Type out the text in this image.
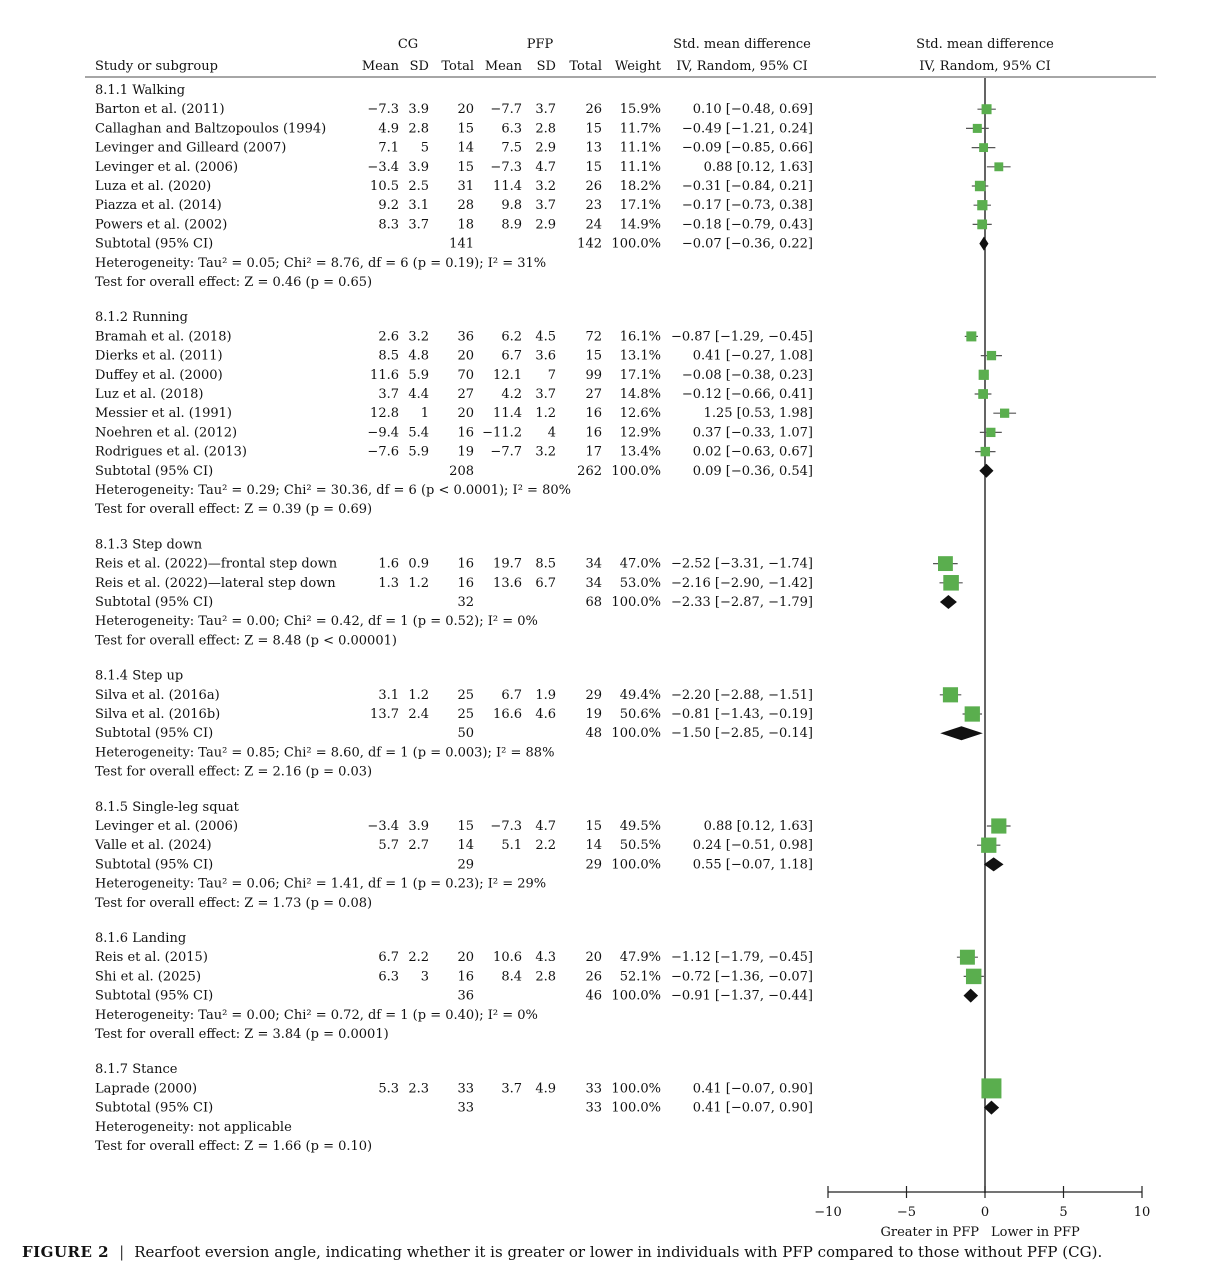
CG	PFP	Std. mean difference	Std. mean difference
Study or subgroup	Mean SD Total Mean SD Total Weight IV, Random, 95% CI	IV, Random, 95% CI
8.1.1 Walking
Barton et al. (2011)	−7.3 3.9 20 −7.7 3.7 26 15.9% 0.10 [−0.48, 0.69]
Callaghan and Baltzopoulos (1994)	4.9 2.8 15 6.3 2.8 15 11.7% −0.49 [−1.21, 0.24]
Levinger and Gilleard (2007)	7.1 5 14 7.5 2.9 13 11.1% −0.09 [−0.85, 0.66]
Levinger et al. (2006)	−3.4 3.9 15 −7.3 4.7 15 11.1%	0.88 [0.12, 1.63]
Luza et al. (2020)	10.5 2.5 31 11.4 3.2 26 18.2% −0.31 [−0.84, 0.21]
Piazza et al. (2014)	9.2 3.1 28 9.8 3.7 23 17.1% −0.17 [−0.73, 0.38]
Powers et al. (2002)	8.3 3.7 18 8.9 2.9 24 14.9% −0.18 [−0.79, 0.43]
Subtotal (95% CI)	141	142 100.0% −0.07 [−0.36, 0.22]
Heterogeneity: Tau² = 0.05; Chi² = 8.76, df = 6 (p = 0.19); I² = 31%
Test for overall effect: Z = 0.46 (p = 0.65)
8.1.2 Running
Bramah et al. (2018)	2.6 3.2 36 6.2 4.5 72 16.1% −0.87 [−1.29, −0.45]
Dierks et al. (2011)	8.5 4.8 20 6.7 3.6 15 13.1% 0.41 [−0.27, 1.08]
Duffey et al. (2000)	11.6 5.9 70 12.1 7 99 17.1% −0.08 [−0.38, 0.23]
Luz et al. (2018)	3.7 4.4 27 4.2 3.7 27 14.8% −0.12 [−0.66, 0.41]
Messier et al. (1991)	12.8 1 20 11.4 1.2 16 12.6%	1.25 [0.53, 1.98]
Noehren et al. (2012)	−9.4 5.4 16 −11.2 4 16 12.9% 0.37 [−0.33, 1.07]
Rodrigues et al. (2013)	−7.6 5.9 19 −7.7 3.2 17 13.4% 0.02 [−0.63, 0.67]
Subtotal (95% CI)	208	262 100.0% 0.09 [−0.36, 0.54]
Heterogeneity: Tau² = 0.29; Chi² = 30.36, df = 6 (p < 0.0001); I² = 80%
Test for overall effect: Z = 0.39 (p = 0.69)
8.1.3 Step down
Reis et al. (2022)—frontal step down	1.6 0.9 16 19.7 8.5 34 47.0% −2.52 [−3.31, −1.74]
Reis et al. (2022)—lateral step down	1.3 1.2 16 13.6 6.7 34 53.0% −2.16 [−2.90, −1.42]
Subtotal (95% CI)	32	68 100.0% −2.33 [−2.87, −1.79]
Heterogeneity: Tau² = 0.00; Chi² = 0.42, df = 1 (p = 0.52); I² = 0%
Test for overall effect: Z = 8.48 (p < 0.00001)
8.1.4 Step up
Silva et al. (2016a)	3.1 1.2 25 6.7 1.9 29 49.4% −2.20 [−2.88, −1.51]
Silva et al. (2016b)	13.7 2.4 25 16.6 4.6 19 50.6% −0.81 [−1.43, −0.19]
Subtotal (95% CI)	50	48 100.0% −1.50 [−2.85, −0.14]
Heterogeneity: Tau² = 0.85; Chi² = 8.60, df = 1 (p = 0.003); I² = 88%
Test for overall effect: Z = 2.16 (p = 0.03)
8.1.5 Single-leg squat
Levinger et al. (2006)	−3.4 3.9 15 −7.3 4.7 15 49.5%	0.88 [0.12, 1.63]
Valle et al. (2024)	5.7 2.7 14 5.1 2.2 14 50.5% 0.24 [−0.51, 0.98]
Subtotal (95% CI)	29	29 100.0% 0.55 [−0.07, 1.18]
Heterogeneity: Tau² = 0.06; Chi² = 1.41, df = 1 (p = 0.23); I² = 29%
Test for overall effect: Z = 1.73 (p = 0.08)
8.1.6 Landing
Reis et al. (2015)	6.7 2.2 20 10.6 4.3 20 47.9% −1.12 [−1.79, −0.45]
Shi et al. (2025)	6.3 3 16 8.4 2.8 26 52.1% −0.72 [−1.36, −0.07]
Subtotal (95% CI)	36	46 100.0% −0.91 [−1.37, −0.44]
Heterogeneity: Tau² = 0.00; Chi² = 0.72, df = 1 (p = 0.40); I² = 0%
Test for overall effect: Z = 3.84 (p = 0.0001)
8.1.7 Stance
Laprade (2000)	5.3 2.3 33 3.7 4.9 33 100.0% 0.41 [−0.07, 0.90]
Subtotal (95% CI)	33	33 100.0% 0.41 [−0.07, 0.90]
Heterogeneity: not applicable
Test for overall effect: Z = 1.66 (p = 0.10)
−10	−5	0	5	10
Greater in PFP Lower in PFP
FIGURE 2 | Rearfoot eversion angle, indicating whether it is greater or lower in individuals with PFP compared to those without PFP (CG).
